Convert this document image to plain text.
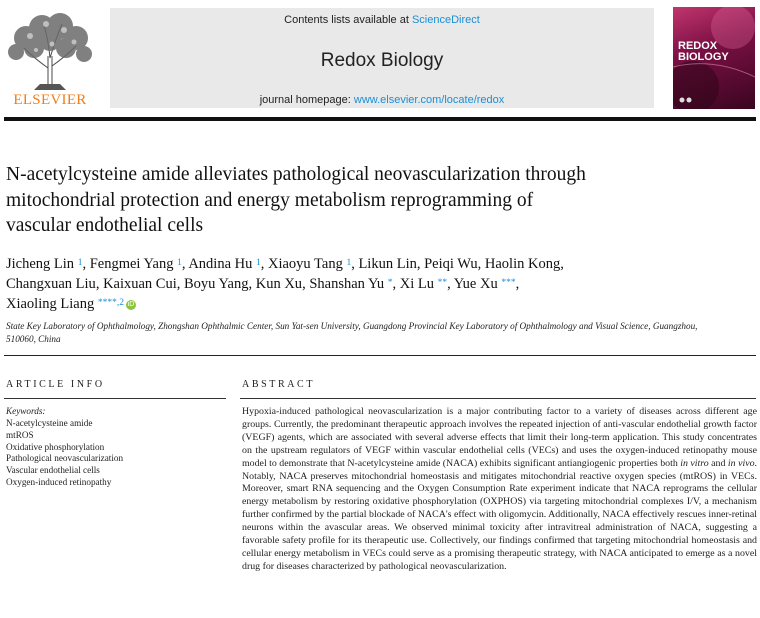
ELSEVIER
Contents lists available at ScienceDirect
Redox Biology
journal homepage: www.elsevier.com/locate/redox
REDOX
BIOLOGY
N-acetylcysteine amide alleviates pathological neovascularization through
mitochondrial protection and energy metabolism reprogramming of
vascular endothelial cells
Jicheng Lin $^1$, Fengmei Yang $^1$, Andina Hu $^1$, Xiaoyu Tang $^1$, Likun Lin, Peiqi Wu, Haolin Kong,
Changxuan Liu, Kaixuan Cui, Boyu Yang, Kun Xu, Shanshan Yu *, Xi Lu **, Yue Xu ***,
Xiaoling Liang $^{****,2}$ iD
State Key Laboratory of Ophthalmology, Zhongshan Ophthalmic Center, Sun Yat-sen University, Guangdong Provincial Key Laboratory of Ophthalmology and Visual Science, Guangzhou, 510060, China
ARTICLE INFO
Keywords:
N-acetylcysteine amide
mtROS
Oxidative phosphorylation
Pathological neovascularization
Vascular endothelial cells
Oxygen-induced retinopathy
ABSTRACT

Hypoxia-induced pathological neovascularization is a major contributing factor to a variety of diseases across different age groups. Currently, the predominant therapeutic approach involves the repeated injection of anti-vascular endothelial growth factor (VEGF) agents, which are associated with several adverse effects that limit their long-term application. This study concentrates on the upstream regulators of VEGF within vascular endothelial cells (VECs) and uses the oxygen-induced retinopathy mouse model to demonstrate that N-acetylcysteine amide (NACA) exhibits significant antiangiogenic properties both in vitro and in vivo. Notably, NACA preserves mitochondrial homeostasis and mitigates mitochondrial reactive oxygen species (mtROS) in VECs. Moreover, smart RNA sequencing and the Oxygen Consumption Rate experiment indicate that NACA reprograms the cellular energy metabolism by restoring oxidative phosphorylation (OXPHOS) via targeting mitochondrial complexes I/V, a mechanism further confirmed by the partial blockade of NACA's effect with oligomycin. Additionally, NACA effectively rescues inner-retinal neurons within the avascular areas. We observed minimal toxicity after intravitreal administration of NACA, suggesting a favorable safety profile for its therapeutic use. Collectively, our findings confirmed that targeting mitochondrial homeostasis and cellular energy metabolism in VECs could serve as a promising therapeutic strategy, with NACA anticipated to emerge as a novel drug for diseases characterized by pathological neovascularization.
